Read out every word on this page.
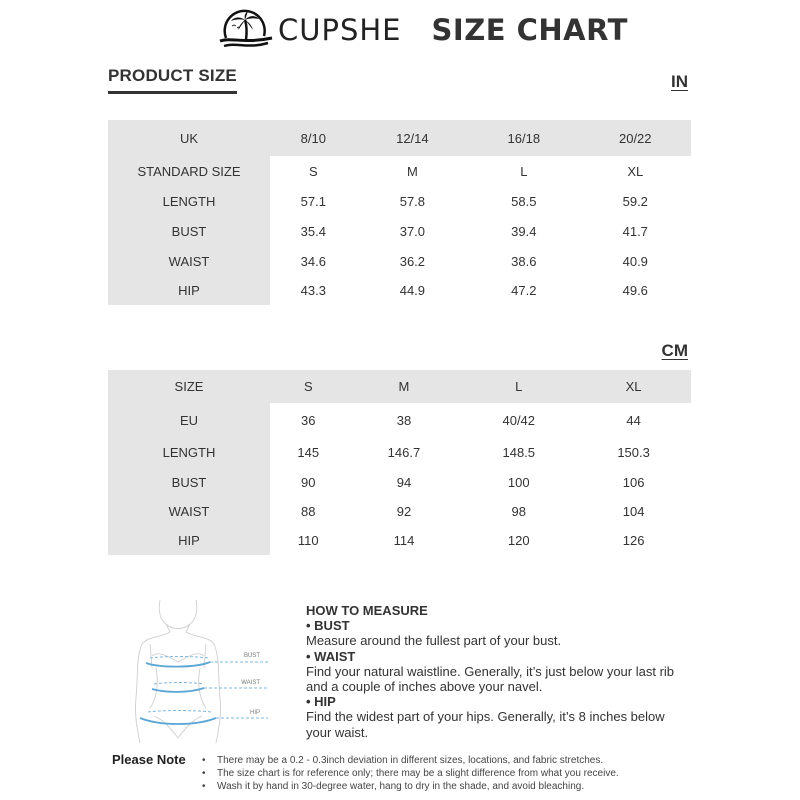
CUPSHE SIZE CHART
PRODUCT SIZE	IN
UK	8/10	12/14	16/18	20/22
STANDARD SIZE	S	M	L	XL
LENGTH	57.1	57.8	58.5	59.2
BUST	35.4	37.0	39.4	41.7
WAIST	34.6	36.2	38.6	40.9
HIP	43.3	44.9	47.2	49.6
CM
SIZE	S	M	L	XL
EU	36	38	40/42	44
LENGTH	145	146.7	148.5	150.3
BUST	90	94	100	106
WAIST	88	92	98	104
HIP	110	114	120	126
BUST
WAIST
HIP
HOW TO MEASURE
• BUST
Measure around the fullest part of your bust.
• WAIST
Find your natural waistline. Generally, it’s just below your last rib and a couple of inches above your navel.
• HIP
Find the widest part of your hips. Generally, it’s 8 inches below your waist.
Please Note	• There may be a 0.2 - 0.3inch deviation in different sizes, locations, and fabric stretches.
• The size chart is for reference only; there may be a slight difference from what you receive.
• Wash it by hand in 30-degree water, hang to dry in the shade, and avoid bleaching.
